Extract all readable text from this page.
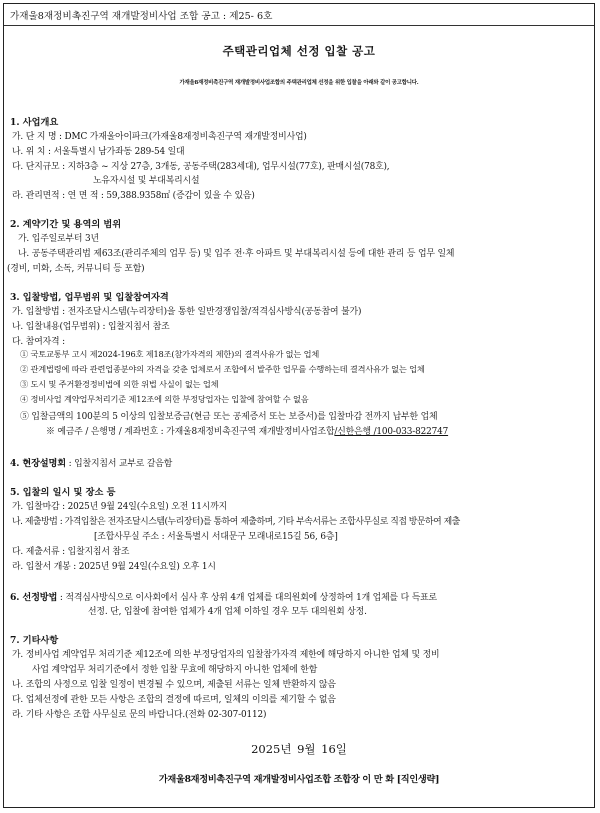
가재울8재정비촉진구역 재개발정비사업 조합 공고 : 제25- 6호
주택관리업체 선정 입찰 공고
가재울8재정비촉진구역 재개발정비사업조합의 주택관리업체 선정을 위한 입찰을 아래와 같이 공고합니다.
1. 사업개요
가. 단 지 명 : DMC 가재울아이파크(가재울8재정비촉진구역 재개발정비사업)
나. 위 치 : 서울특별시 남가좌동 289-54 일대
다. 단지규모 : 지하3층 ~ 지상 27층, 3개동, 공동주택(283세대), 업무시설(77호), 판매시설(78호),
노유자시설 및 부대복리시설
라. 관리면적 : 연 면 적 : 59,388.9358㎡ (증감이 있을 수 있음)
2. 계약기간 및 용역의 범위
가. 입주일로부터 3년
나. 공동주택관리법 제63조(관리주체의 업무 등) 및 입주 전·후 아파트 및 부대복리시설 등에 대한 관리 등 업무 일체
(경비, 미화, 소독, 커뮤니티 등 포함)
3. 입찰방법, 업무범위 및 입찰참여자격
가. 입찰방법 : 전자조달시스템(누리장터)을 통한 일반경쟁입찰/적격심사방식(공동참여 불가)
나. 입찰내용(업무범위) : 입찰지침서 참조
다. 참여자격 :
① 국토교통부 고시 제2024-196호 제18조(참가자격의 제한)의 결격사유가 없는 업체
② 관계법령에 따라 관련업종분야의 자격을 갖춘 업체로서 조합에서 발주한 업무를 수행하는데 결격사유가 없는 업체
③ 도시 및 주거환경정비법에 의한 위법 사실이 없는 업체
④ 정비사업 계약업무처리기준 제12조에 의한 부정당업자는 입찰에 참여할 수 없음
⑤ 입찰금액의 100분의 5 이상의 입찰보증금(현금 또는 공제증서 또는 보증서)를 입찰마감 전까지 납부한 업체
※ 예금주 / 은행명 / 계좌번호 : 가재울8재정비촉진구역 재개발정비사업조합/신한은행 /100-033-822747
4. 현장설명회 : 입찰지침서 교부로 갈음함
5. 입찰의 일시 및 장소 등
가. 입찰마감 : 2025년 9월 24일(수요일) 오전 11시까지
나. 제출방법 : 가격입찰은 전자조달시스템(누리장터)를 통하여 제출하며, 기타 부속서류는 조합사무실로 직접 방문하여 제출
[조합사무실 주소 : 서울특별시 서대문구 모래내로15길 56, 6층]
다. 제출서류 : 입찰지침서 참조
라. 입찰서 개봉 : 2025년 9월 24일(수요일) 오후 1시
6. 선정방법 : 적격심사방식으로 이사회에서 심사 후 상위 4개 업체를 대의원회에 상정하여 1개 업체를 다 득표로
선정. 단, 입찰에 참여한 업체가 4개 업체 이하일 경우 모두 대의원회 상정.
7. 기타사항
가. 정비사업 계약업무 처리기준 제12조에 의한 부정당업자의 입찰참가자격 제한에 해당하지 아니한 업체 및 정비
사업 계약업무 처리기준에서 정한 입찰 무효에 해당하지 아니한 업체에 한함
나. 조합의 사정으로 입찰 일정이 변경될 수 있으며, 제출된 서류는 일체 반환하지 않음
다. 업체선정에 관한 모든 사항은 조합의 결정에 따르며, 일체의 이의를 제기할 수 없음
라. 기타 사항은 조합 사무실로 문의 바랍니다.(전화 02-307-0112)
2025년 9월 16일
가재울8재정비촉진구역 재개발정비사업조합 조합장 이 만 화 [직인생략]
